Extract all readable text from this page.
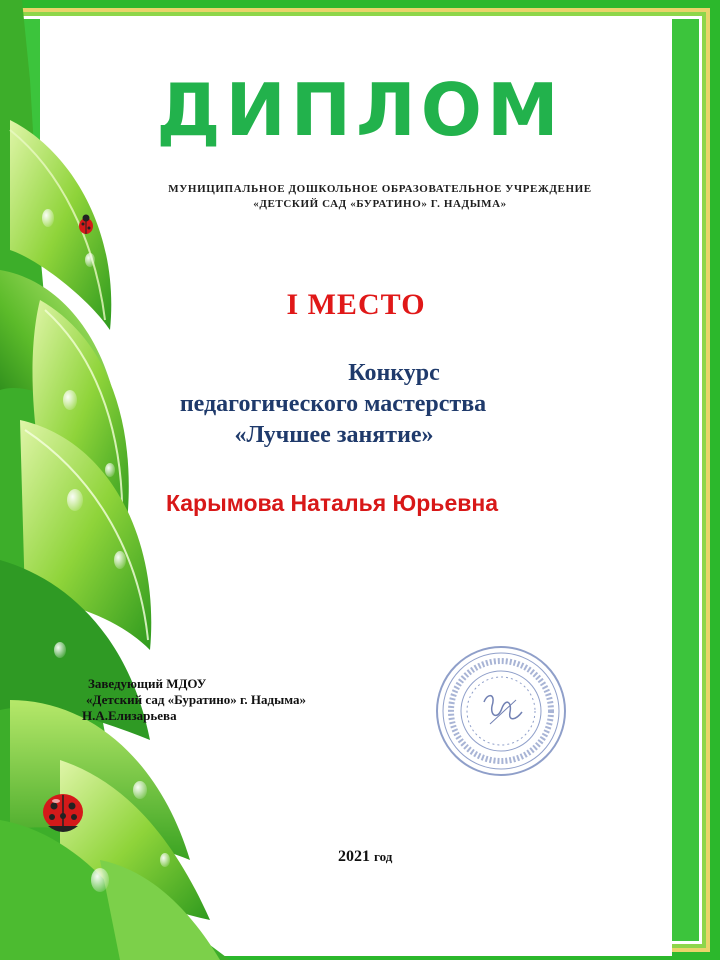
ДИПЛОМ
МУНИЦИПАЛЬНОЕ ДОШКОЛЬНОЕ ОБРАЗОВАТЕЛЬНОЕ УЧРЕЖДЕНИЕ
«ДЕТСКИЙ САД «БУРАТИНО» Г. НАДЫМА»
I МЕСТО
Конкурс
педагогического мастерства
«Лучшее занятие»
Карымова Наталья Юрьевна
Заведующий МДОУ
«Детский сад «Буратино» г. Надыма»
Н.А.Елизарьева
2021 год
